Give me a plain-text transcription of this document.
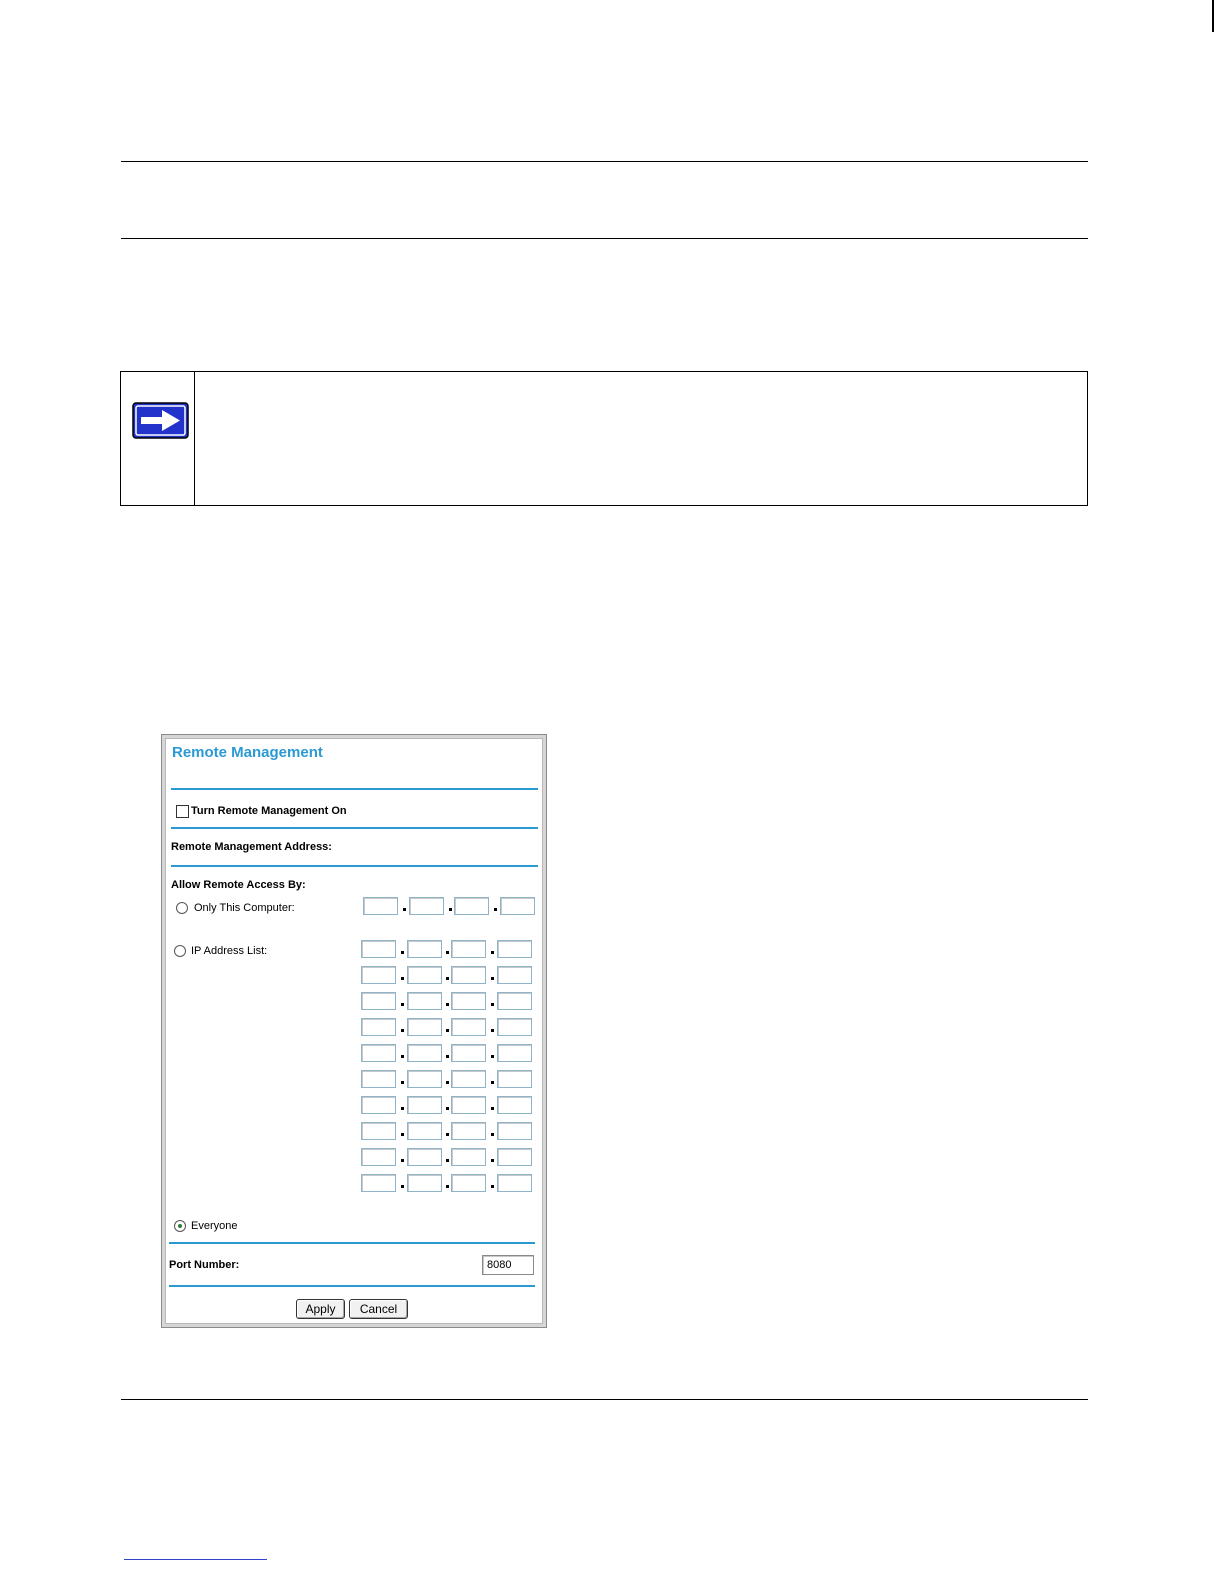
Remote Management
Turn Remote Management On
Remote Management Address:
Allow Remote Access By:
Only This Computer:
IP Address List:
Everyone
Port Number:	8080
Apply	Cancel
